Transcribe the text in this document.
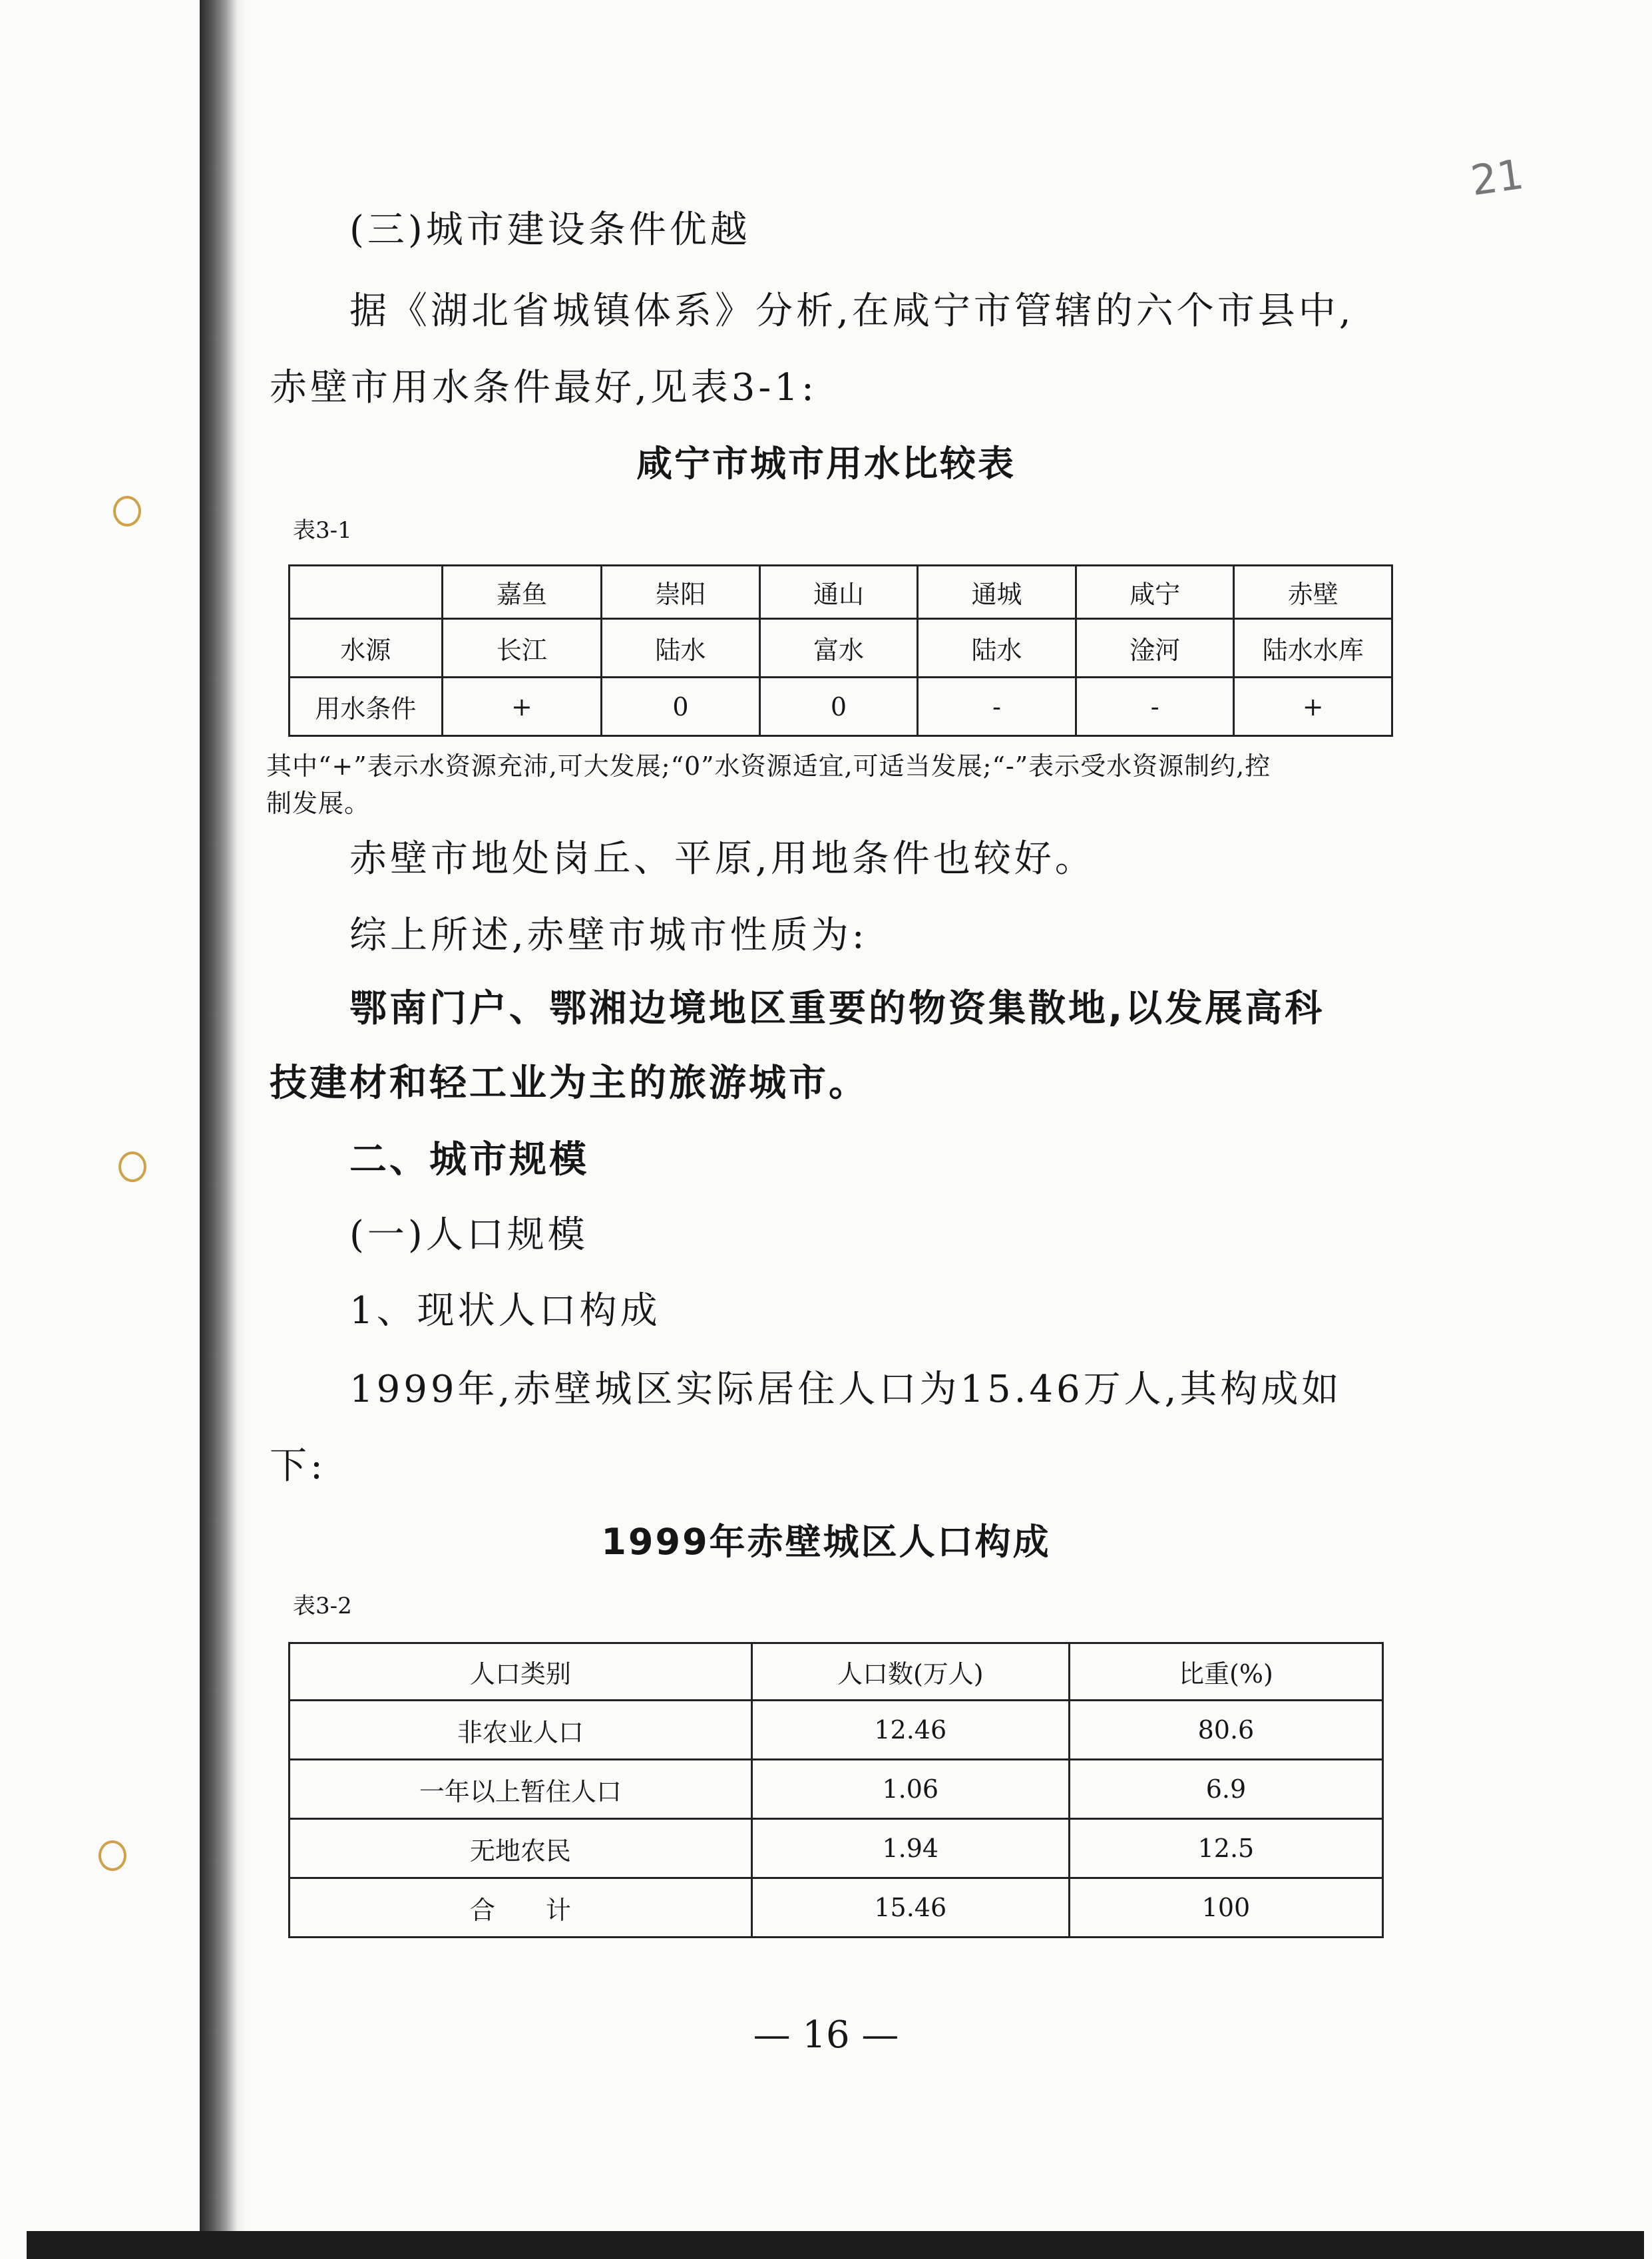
21
(三)城市建设条件优越
据《湖北省城镇体系》分析,在咸宁市管辖的六个市县中,
赤壁市用水条件最好,见表3-1:
咸宁市城市用水比较表
表3-1
	嘉鱼	崇阳	通山	通城	咸宁	赤壁
水源	长江	陆水	富水	陆水	淦河	陆水水库
用水条件	+	0	0	-	-	+
其中“+”表示水资源充沛,可大发展;“0”水资源适宜,可适当发展;“-”表示受水资源制约,控
制发展。
赤壁市地处岗丘、平原,用地条件也较好。
综上所述,赤壁市城市性质为:
鄂南门户、鄂湘边境地区重要的物资集散地,以发展高科
技建材和轻工业为主的旅游城市。
二、城市规模
(一)人口规模
1、现状人口构成
1999年,赤壁城区实际居住人口为15.46万人,其构成如
下:
1999年赤壁城区人口构成
表3-2
人口类别	人口数(万人)	比重(%)
非农业人口	12.46	80.6
一年以上暂住人口	1.06	6.9
无地农民	1.94	12.5
合　　计	15.46	100
— 16 —
